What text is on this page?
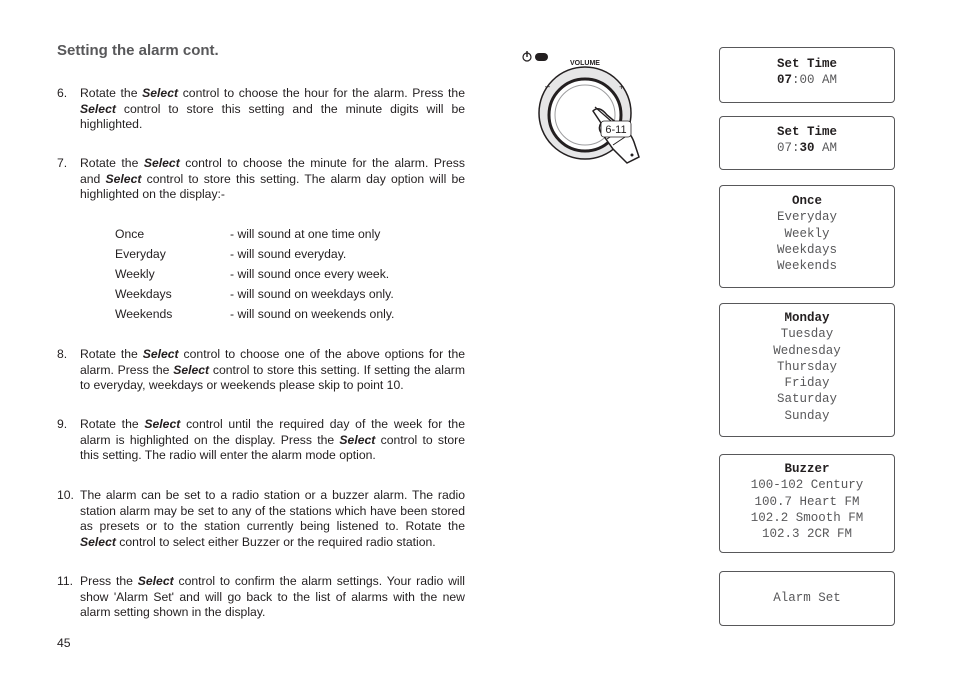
Setting the alarm cont.
6. Rotate the Select control to choose the hour for the alarm. Press the Select control to store this setting and the minute digits will be highlighted.
7. Rotate the Select control to choose the minute for the alarm. Press and Select control to store this setting. The alarm day option will be highlighted on the display:-
Once	- will sound at one time only
Everyday	- will sound everyday.
Weekly	- will sound once every week.
Weekdays	- will sound on weekdays only.
Weekends	- will sound on weekends only.
8. Rotate the Select control to choose one of the above options for the alarm. Press the Select control to store this setting. If setting the alarm to everyday, weekdays or weekends please skip to point 10.
9. Rotate the Select control until the required day of the week for the alarm is highlighted on the display. Press the Select control to store this setting. The radio will enter the alarm mode option.
10. The alarm can be set to a radio station or a buzzer alarm. The radio station alarm may be set to any of the stations which have been stored as presets or to the station currently being listened to. Rotate the Select control to select either Buzzer or the required radio station.
11. Press the Select control to confirm the alarm settings. Your radio will show 'Alarm Set' and will go back to the list of alarms with the new alarm setting shown in the display.
45
VOLUME
–	+
6-11
Set Time
07:00 AM
Set Time
07:30 AM
Once
Everyday
Weekly
Weekdays
Weekends
Monday
Tuesday
Wednesday
Thursday
Friday
Saturday
Sunday
Buzzer
100-102 Century
100.7 Heart FM
102.2 Smooth FM
102.3 2CR FM
Alarm Set
